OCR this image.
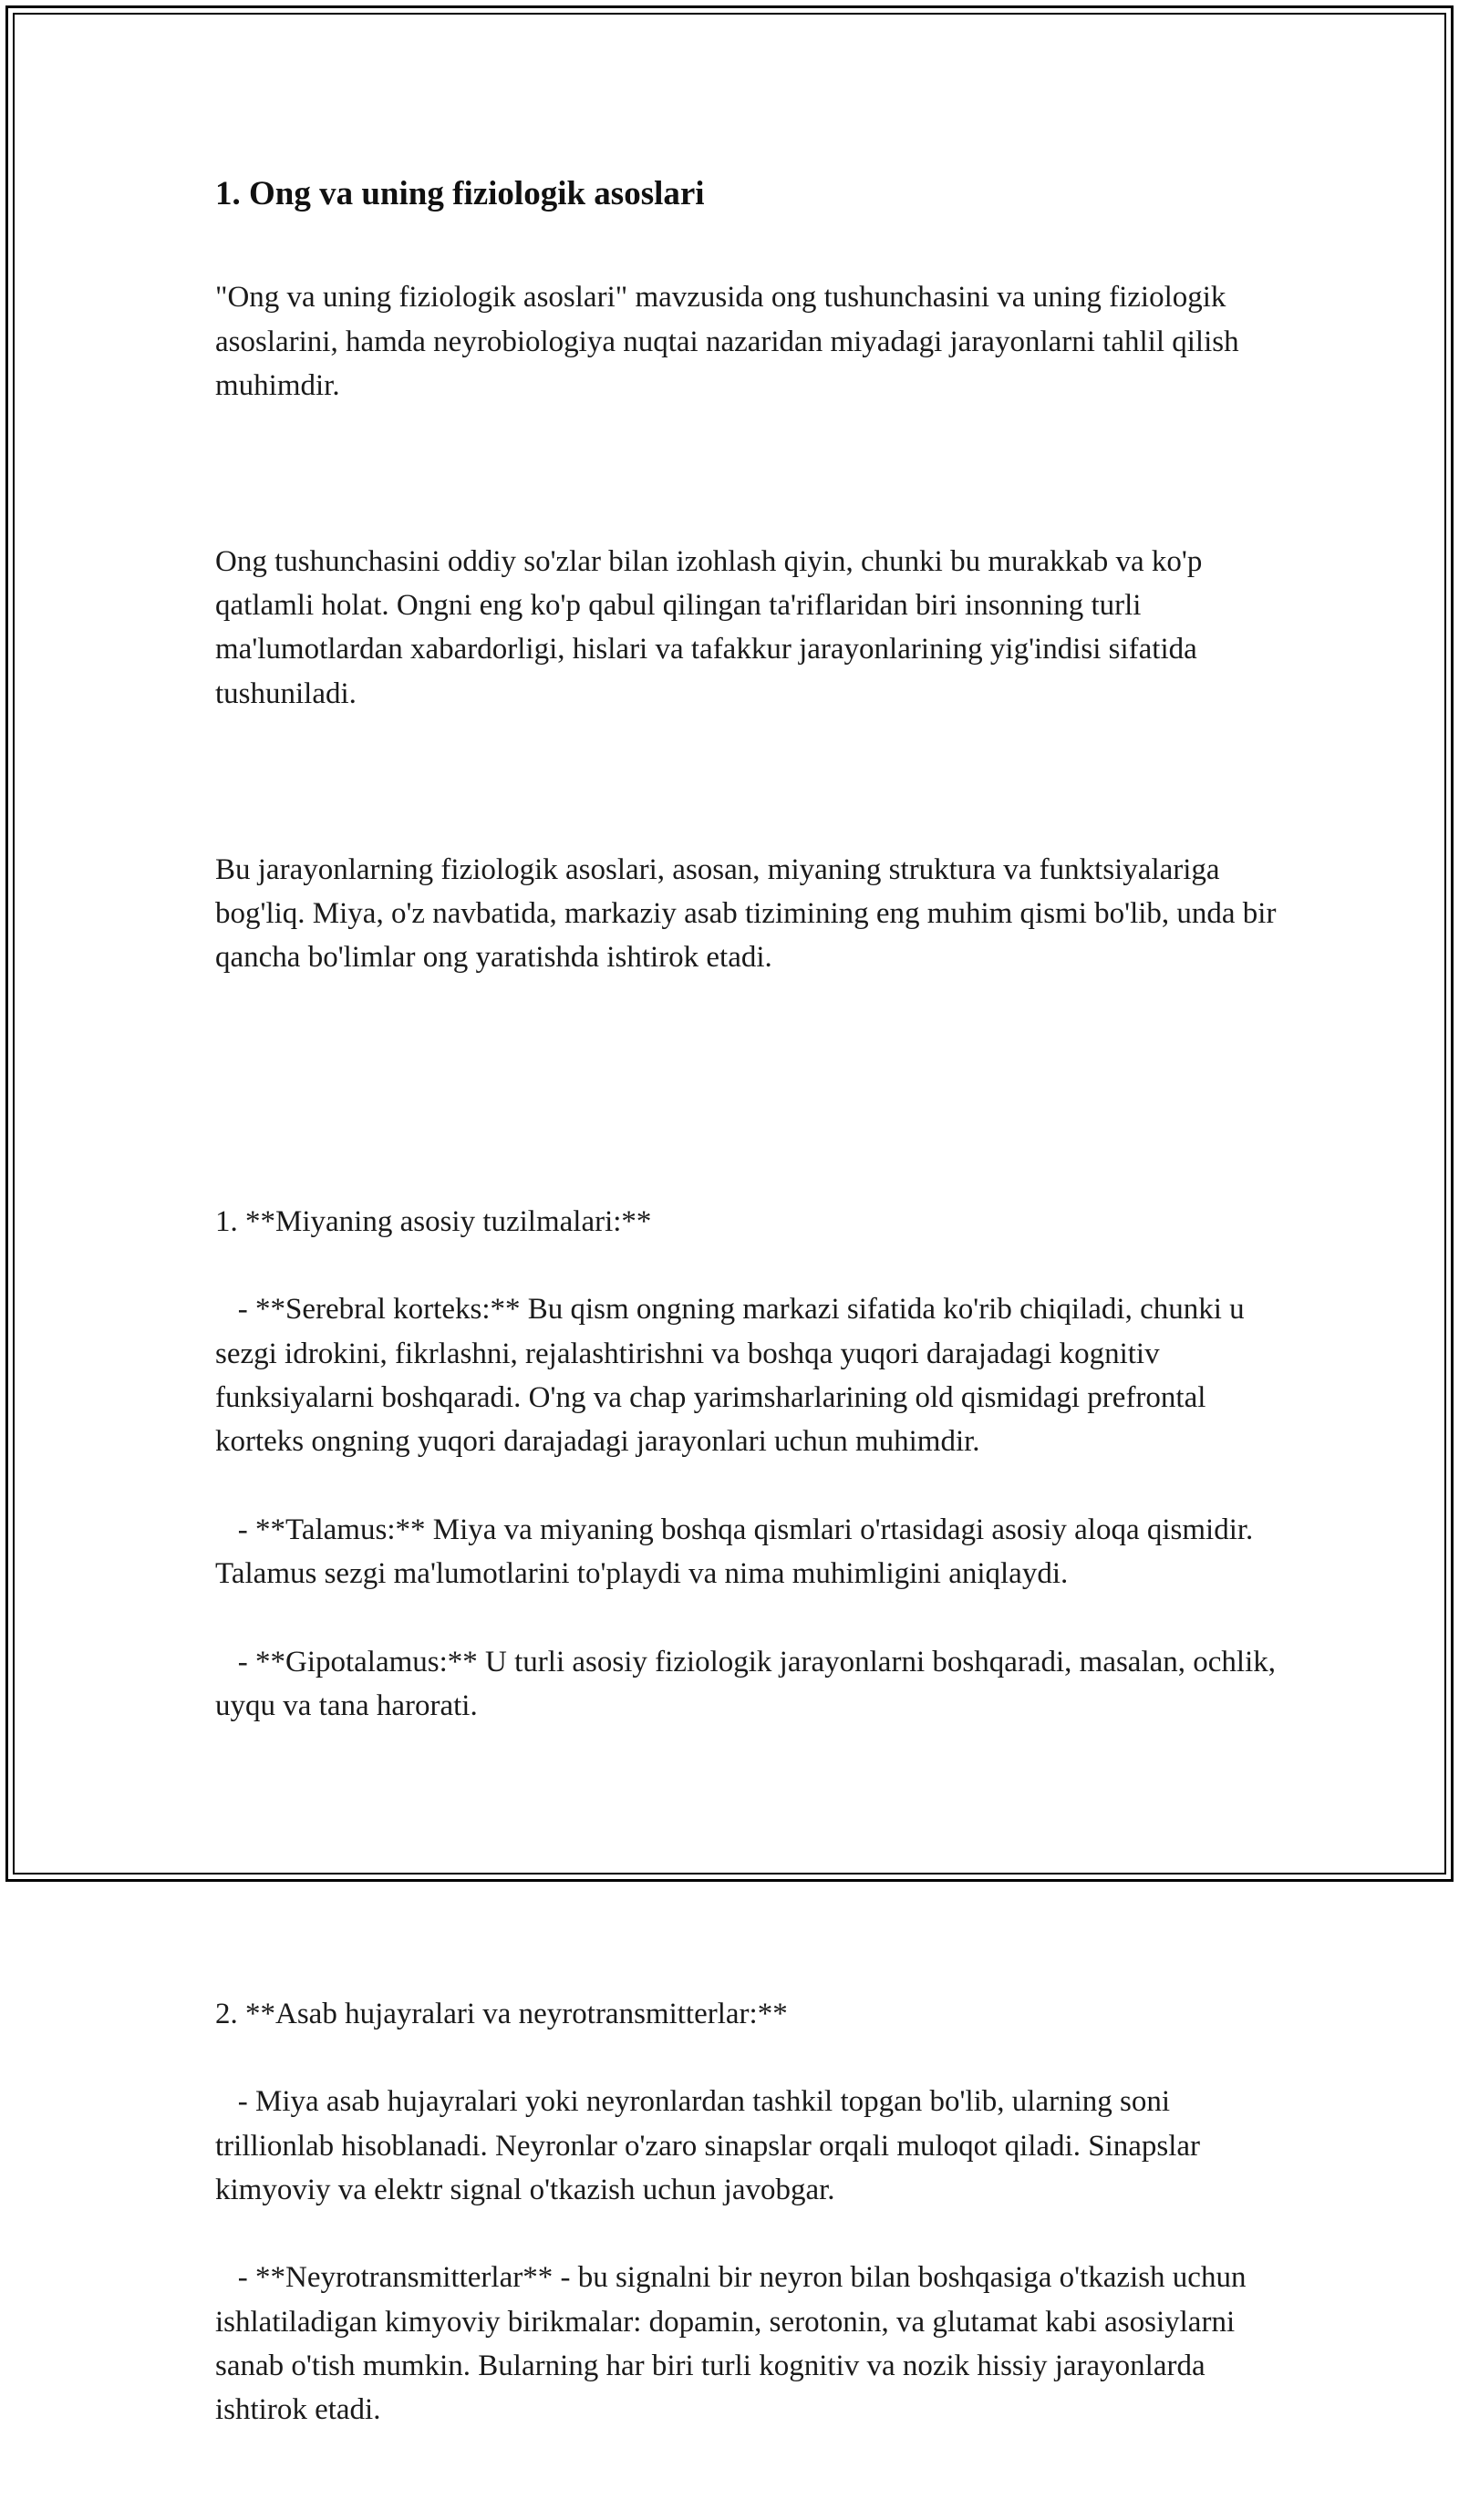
1. Ong va uning fiziologik asoslari

"Ong va uning fiziologik asoslari" mavzusida ong tushunchasini va uning fiziologik asoslarini, hamda neyrobiologiya nuqtai nazaridan miyadagi jarayonlarni tahlil qilish muhimdir.

Ong tushunchasini oddiy so'zlar bilan izohlash qiyin, chunki bu murakkab va ko'p qatlamli holat. Ongni eng ko'p qabul qilingan ta'riflaridan biri insonning turli ma'lumotlardan xabardorligi, hislari va tafakkur jarayonlarining yig'indisi sifatida tushuniladi.

Bu jarayonlarning fiziologik asoslari, asosan, miyaning struktura va funktsiyalariga bog'liq. Miya, o'z navbatida, markaziy asab tizimining eng muhim qismi bo'lib, unda bir qancha bo'limlar ong yaratishda ishtirok etadi.

1. **Miyaning asosiy tuzilmalari:**

- **Serebral korteks:** Bu qism ongning markazi sifatida ko'rib chiqiladi, chunki u sezgi idrokini, fikrlashni, rejalashtirishni va boshqa yuqori darajadagi kognitiv funksiyalarni boshqaradi. O'ng va chap yarimsharlarining old qismidagi prefrontal korteks ongning yuqori darajadagi jarayonlari uchun muhimdir.

- **Talamus:** Miya va miyaning boshqa qismlari o'rtasidagi asosiy aloqa qismidir. Talamus sezgi ma'lumotlarini to'playdi va nima muhimligini aniqlaydi.

- **Gipotalamus:** U turli asosiy fiziologik jarayonlarni boshqaradi, masalan, ochlik, uyqu va tana harorati.

2. **Asab hujayralari va neyrotransmitterlar:**

- Miya asab hujayralari yoki neyronlardan tashkil topgan bo'lib, ularning soni trillionlab hisoblanadi. Neyronlar o'zaro sinapslar orqali muloqot qiladi. Sinapslar kimyoviy va elektr signal o'tkazish uchun javobgar.

- **Neyrotransmitterlar** - bu signalni bir neyron bilan boshqasiga o'tkazish uchun ishlatiladigan kimyoviy birikmalar: dopamin, serotonin, va glutamat kabi asosiylarni sanab o'tish mumkin. Bularning har biri turli kognitiv va nozik hissiy jarayonlarda ishtirok etadi.
